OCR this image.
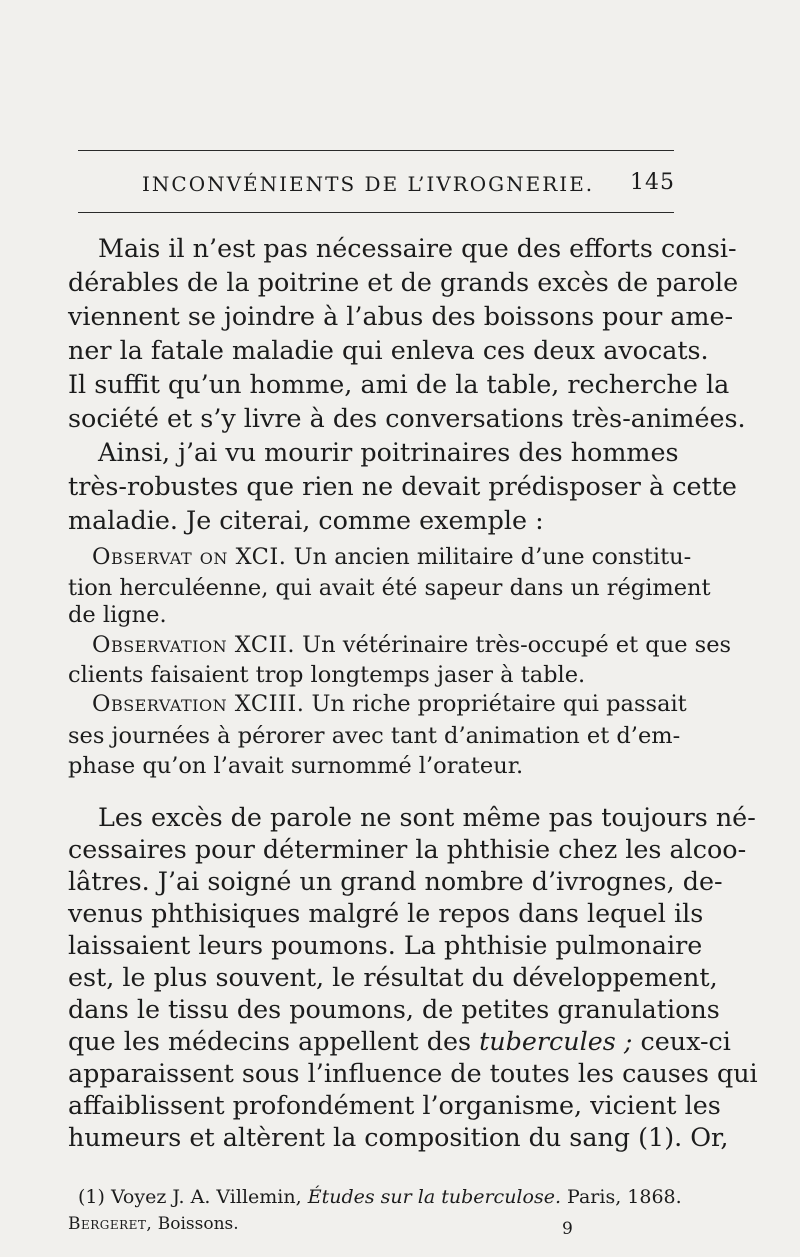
INCONVÉNIENTS DE L’IVROGNERIE. 145
Mais il n’est pas nécessaire que des efforts consi-
dérables de la poitrine et de grands excès de parole
viennent se joindre à l’abus des boissons pour ame-
ner la fatale maladie qui enleva ces deux avocats.
Il suffit qu’un homme, ami de la table, recherche la
société et s’y livre à des conversations très-animées.
Ainsi, j’ai vu mourir poitrinaires des hommes
très-robustes que rien ne devait prédisposer à cette
maladie. Je citerai, comme exemple :
Observat on XCI. Un ancien militaire d’une constitu-
tion herculéenne, qui avait été sapeur dans un régiment
de ligne.
Observation XCII. Un vétérinaire très-occupé et que ses
clients faisaient trop longtemps jaser à table.
Observation XCIII. Un riche propriétaire qui passait
ses journées à pérorer avec tant d’animation et d’em-
phase qu’on l’avait surnommé l’orateur.
Les excès de parole ne sont même pas toujours né-
cessaires pour déterminer la phthisie chez les alcoo-
lâtres. J’ai soigné un grand nombre d’ivrognes, de-
venus phthisiques malgré le repos dans lequel ils
laissaient leurs poumons. La phthisie pulmonaire
est, le plus souvent, le résultat du développement,
dans le tissu des poumons, de petites granulations
que les médecins appellent des tubercules ; ceux-ci
apparaissent sous l’influence de toutes les causes qui
affaiblissent profondément l’organisme, vicient les
humeurs et altèrent la composition du sang (1). Or,
(1) Voyez J. A. Villemin, Études sur la tuberculose. Paris, 1868.
Bergeret, Boissons.	9
